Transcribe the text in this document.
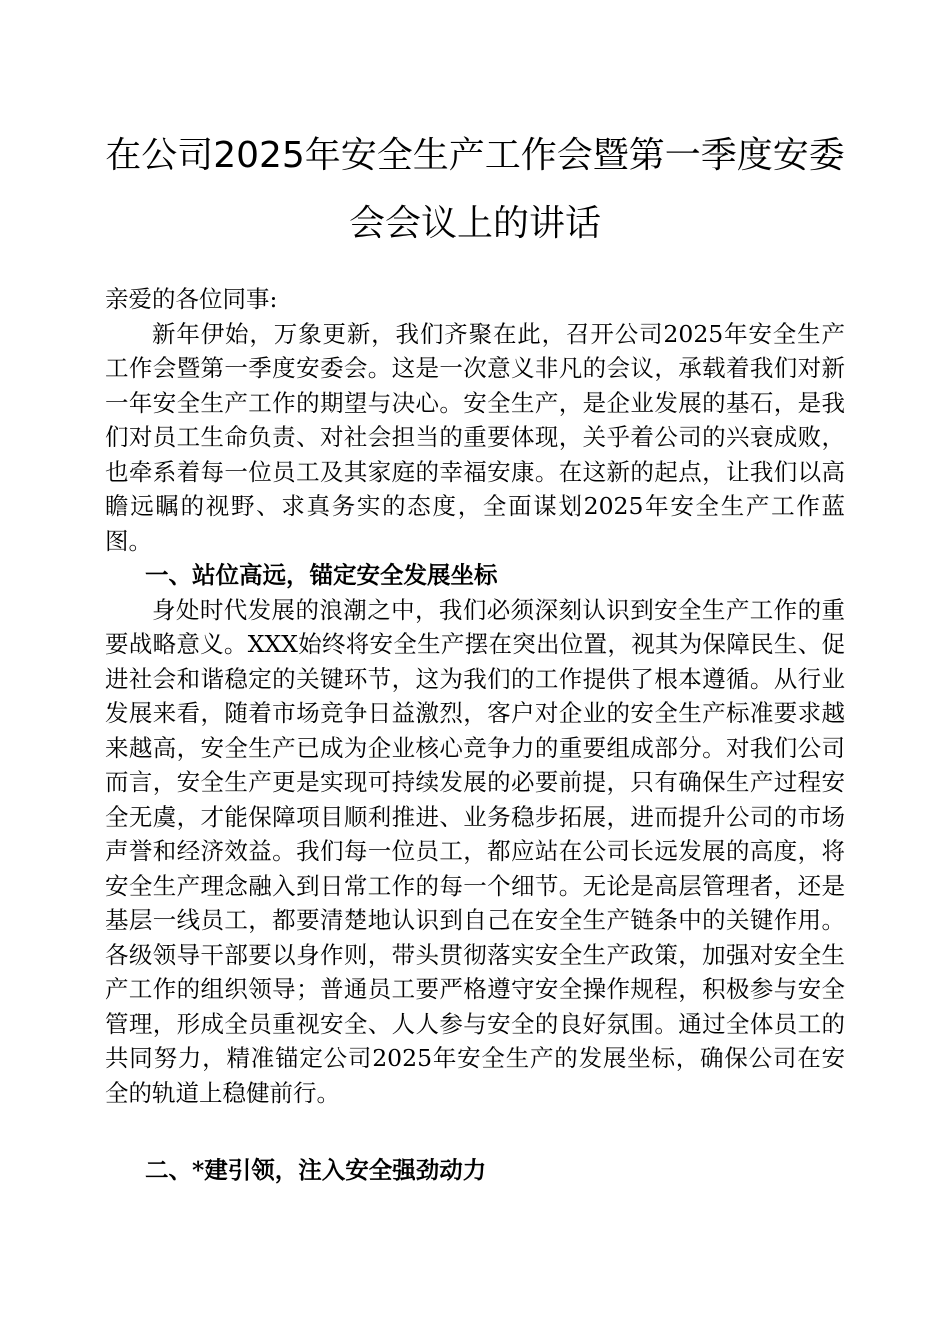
在公司2025年安全生产工作会暨第一季度安委
会会议上的讲话

亲爱的各位同事:

新年伊始，万象更新，我们齐聚在此，召开公司2025年安全生产工作会暨第一季度安委会。这是一次意义非凡的会议，承载着我们对新一年安全生产工作的期望与决心。安全生产，是企业发展的基石，是我们对员工生命负责、对社会担当的重要体现，关乎着公司的兴衰成败，也牵系着每一位员工及其家庭的幸福安康。在这新的起点，让我们以高瞻远瞩的视野、求真务实的态度，全面谋划2025年安全生产工作蓝图。

一、站位高远，锚定安全发展坐标

身处时代发展的浪潮之中，我们必须深刻认识到安全生产工作的重要战略意义。XXX始终将安全生产摆在突出位置，视其为保障民生、促进社会和谐稳定的关键环节，这为我们的工作提供了根本遵循。从行业发展来看，随着市场竞争日益激烈，客户对企业的安全生产标准要求越来越高，安全生产已成为企业核心竞争力的重要组成部分。对我们公司而言，安全生产更是实现可持续发展的必要前提，只有确保生产过程安全无虞，才能保障项目顺利推进、业务稳步拓展，进而提升公司的市场声誉和经济效益。我们每一位员工，都应站在公司长远发展的高度，将安全生产理念融入到日常工作的每一个细节。无论是高层管理者，还是基层一线员工，都要清楚地认识到自己在安全生产链条中的关键作用。各级领导干部要以身作则，带头贯彻落实安全生产政策，加强对安全生产工作的组织领导；普通员工要严格遵守安全操作规程，积极参与安全管理，形成全员重视安全、人人参与安全的良好氛围。通过全体员工的共同努力，精准锚定公司2025年安全生产的发展坐标，确保公司在安全的轨道上稳健前行。

二、*建引领，注入安全强劲动力
